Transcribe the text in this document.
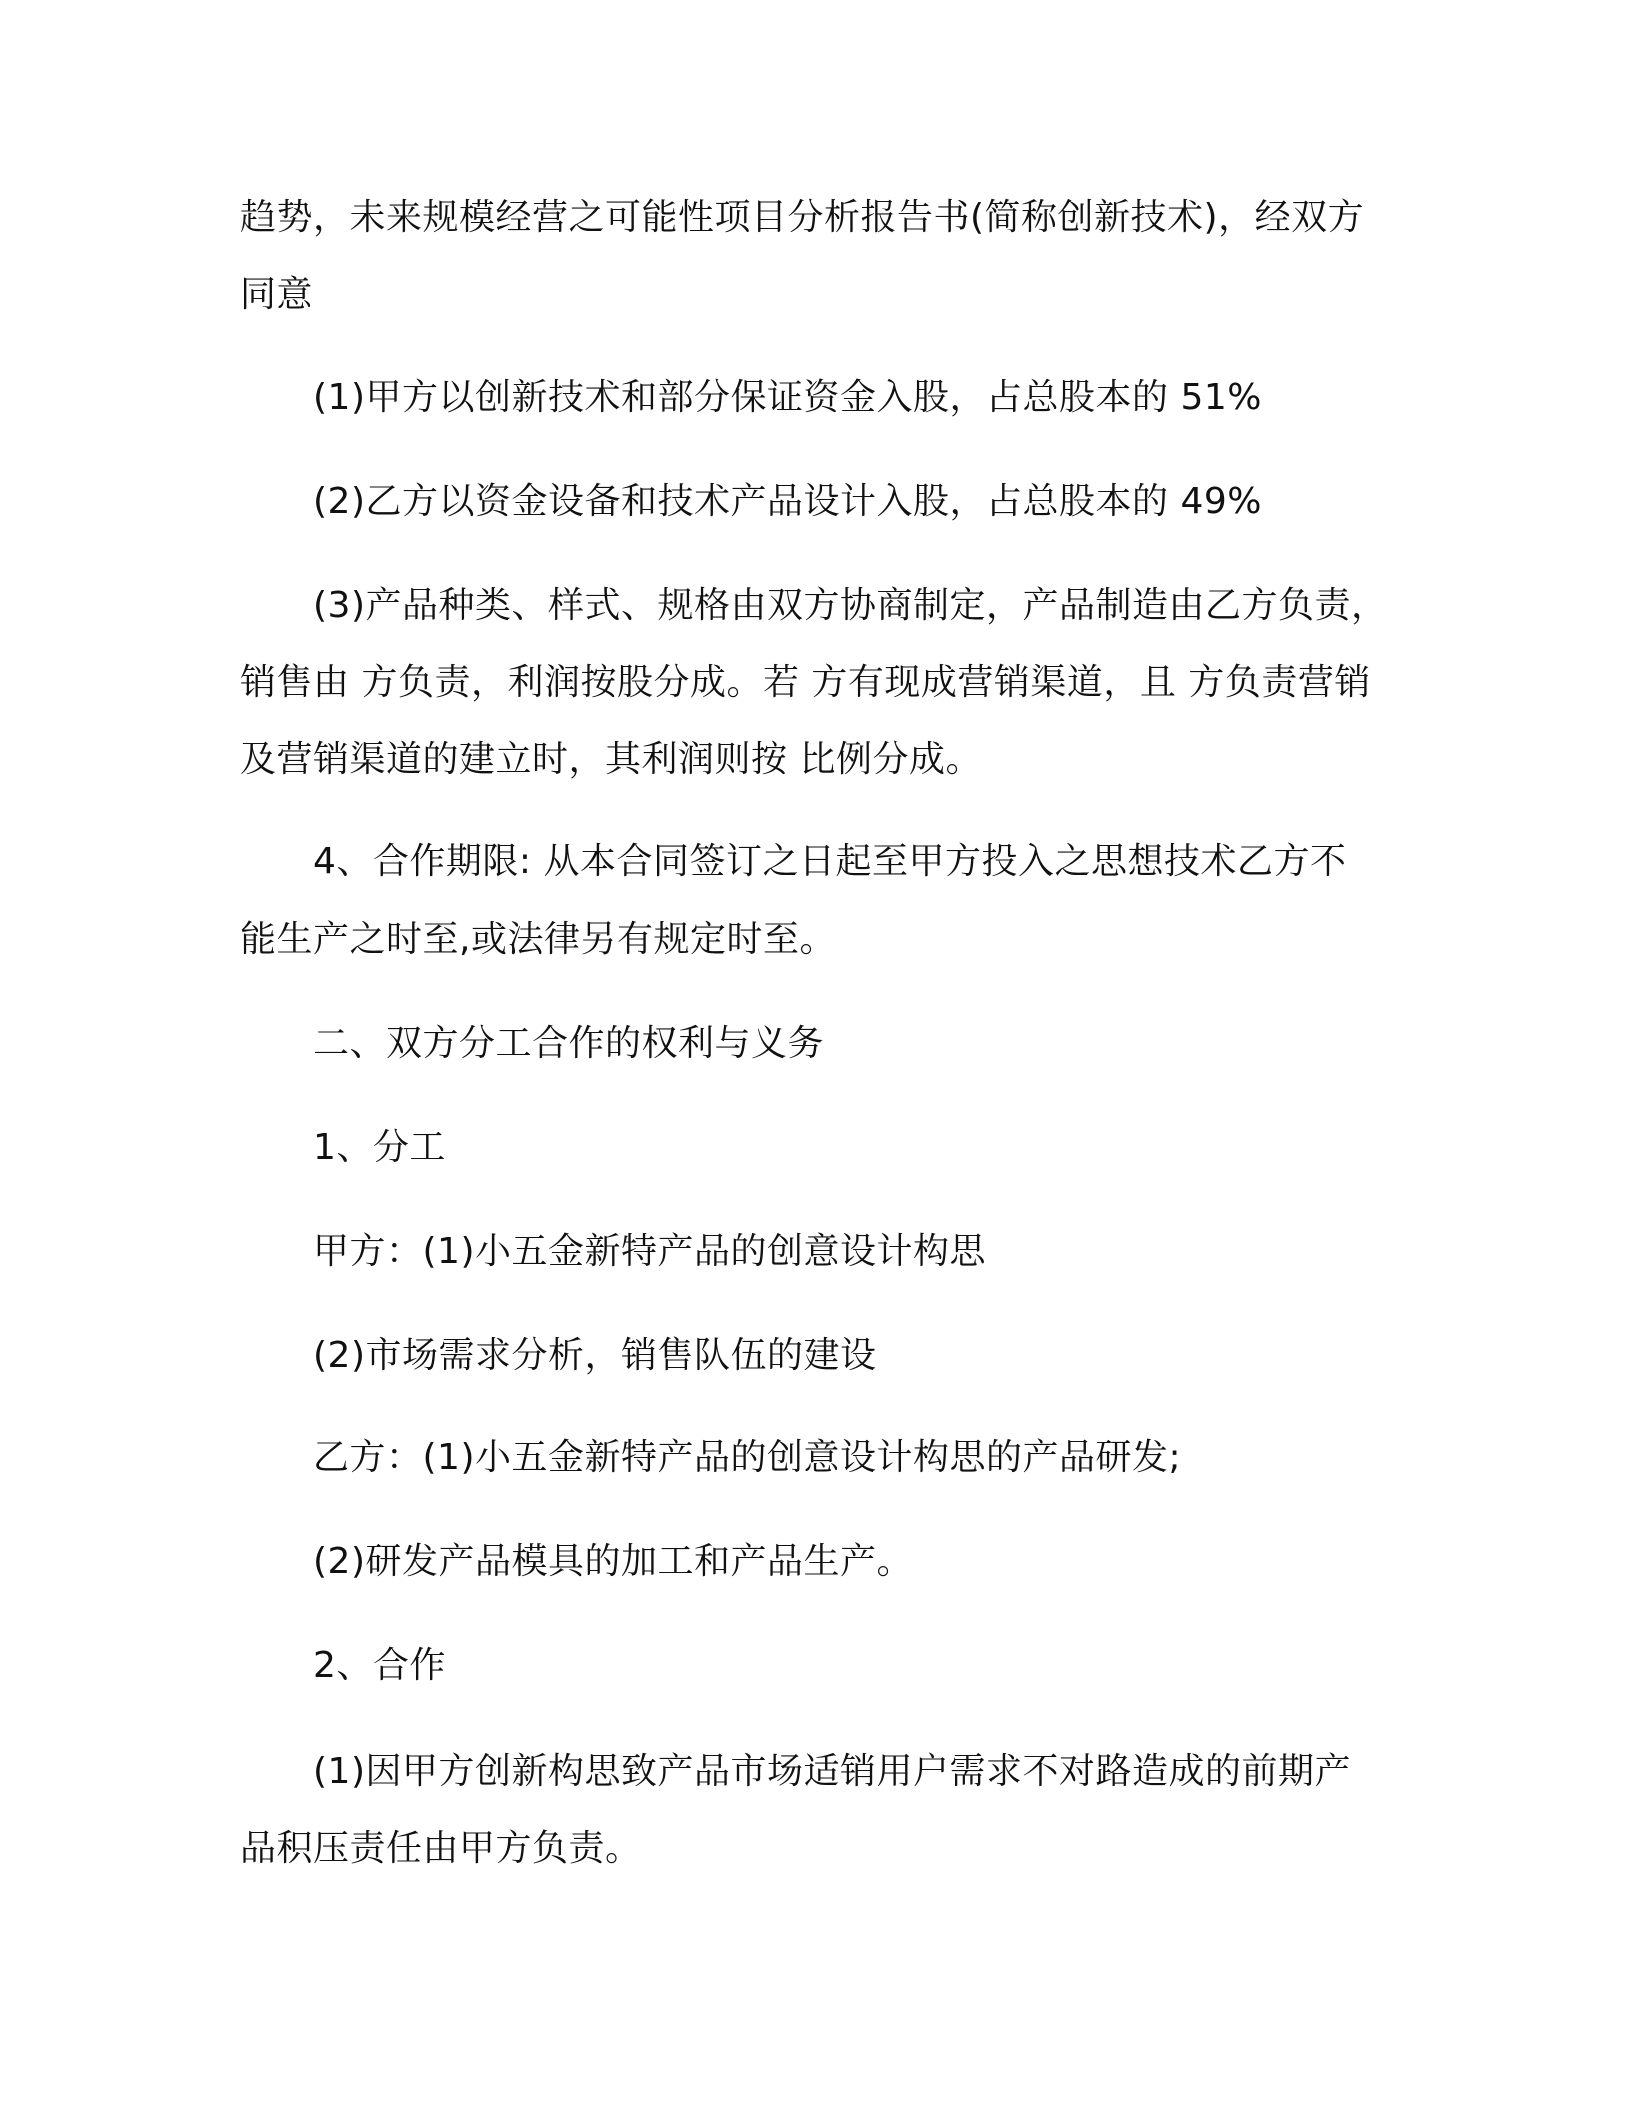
趋势，未来规模经营之可能性项目分析报告书(简称创新技术)，经双方
同意
(1)甲方以创新技术和部分保证资金入股，占总股本的 51%
(2)乙方以资金设备和技术产品设计入股，占总股本的 49%
(3)产品种类、样式、规格由双方协商制定，产品制造由乙方负责，
销售由 方负责，利润按股分成。若 方有现成营销渠道，且 方负责营销
及营销渠道的建立时，其利润则按 比例分成。
4、合作期限: 从本合同签订之日起至甲方投入之思想技术乙方不
能生产之时至,或法律另有规定时至。
二、双方分工合作的权利与义务
1、分工
甲方：(1)小五金新特产品的创意设计构思
(2)市场需求分析，销售队伍的建设
乙方：(1)小五金新特产品的创意设计构思的产品研发;
(2)研发产品模具的加工和产品生产。
2、合作
(1)因甲方创新构思致产品市场适销用户需求不对路造成的前期产
品积压责任由甲方负责。
